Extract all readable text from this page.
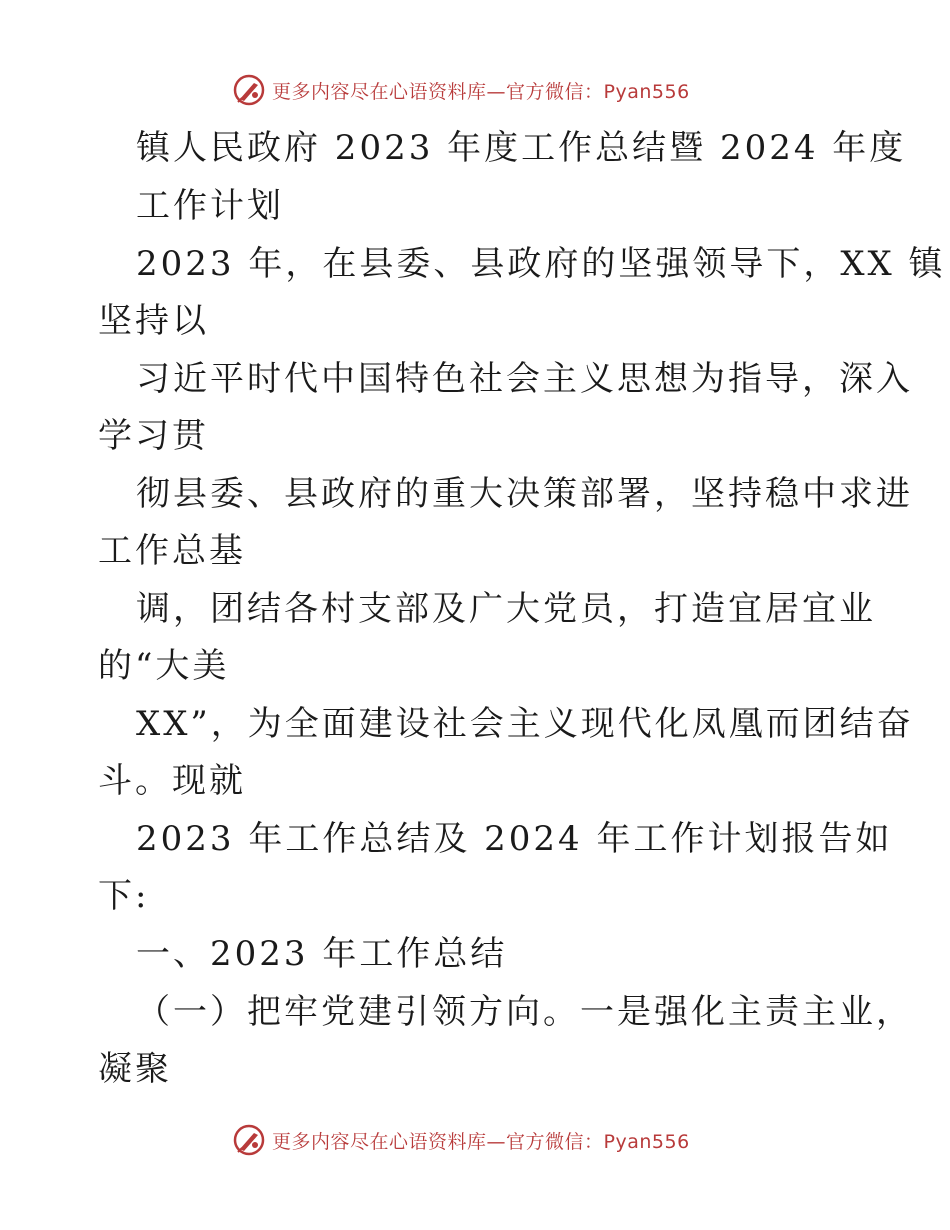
更多内容尽在心语资料库—官方微信：Pyan556
镇人民政府 2023 年度工作总结暨 2024 年度
工作计划
2023 年，在县委、县政府的坚强领导下，XX 镇
坚持以
习近平时代中国特色社会主义思想为指导，深入
学习贯
彻县委、县政府的重大决策部署，坚持稳中求进
工作总基
调，团结各村支部及广大党员，打造宜居宜业
的“大美
XX”，为全面建设社会主义现代化凤凰而团结奋
斗。现就
2023 年工作总结及 2024 年工作计划报告如
下:
一、2023 年工作总结
（一）把牢党建引领方向。一是强化主责主业，
凝聚
更多内容尽在心语资料库—官方微信：Pyan556
